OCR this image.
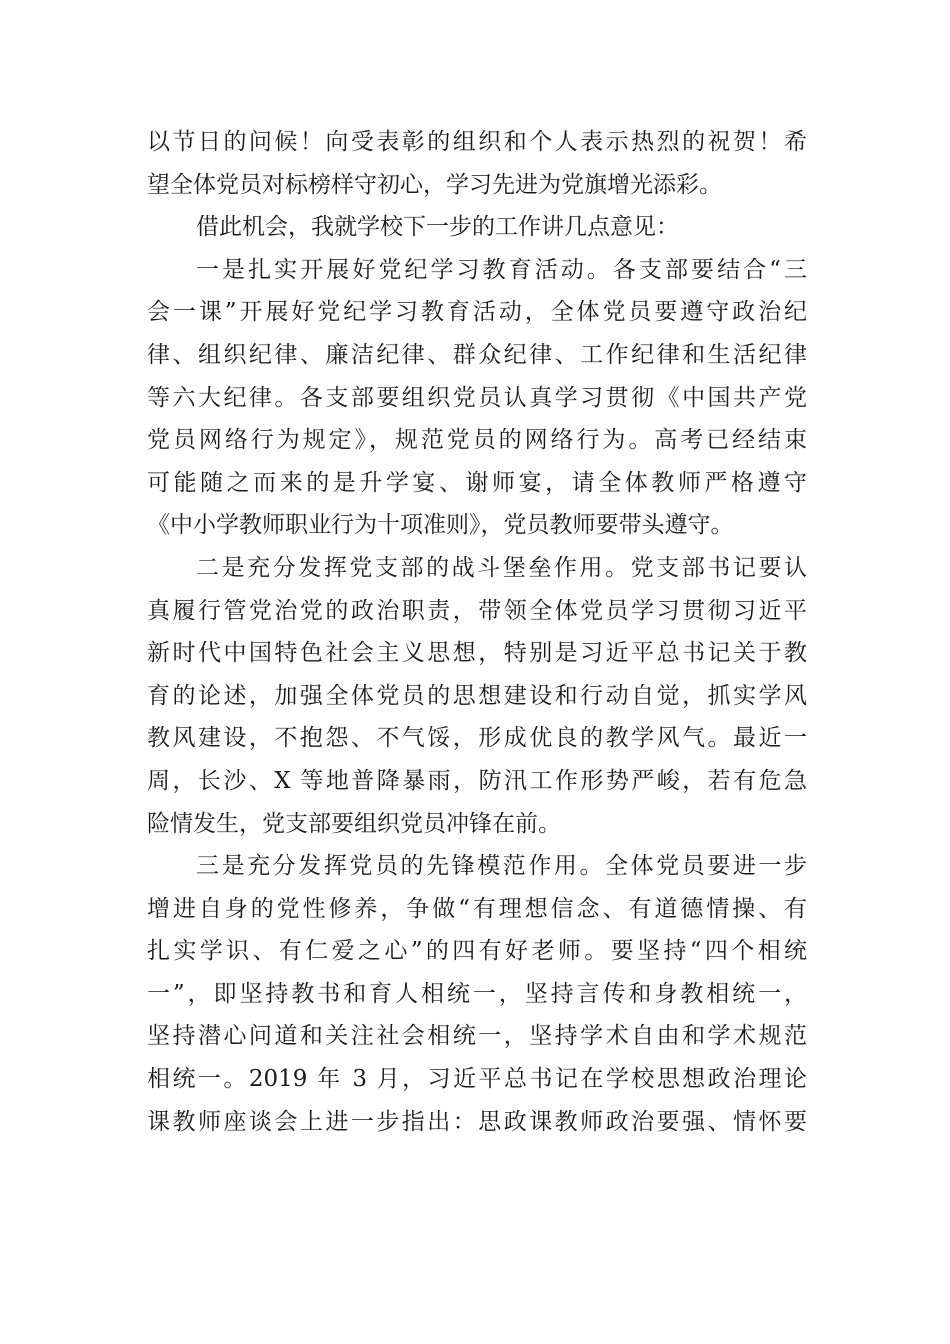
以节日的问候！向受表彰的组织和个人表示热烈的祝贺！希
望全体党员对标榜样守初心，学习先进为党旗增光添彩。
借此机会，我就学校下一步的工作讲几点意见：
一是扎实开展好党纪学习教育活动。各支部要结合“三
会一课”开展好党纪学习教育活动，全体党员要遵守政治纪
律、组织纪律、廉洁纪律、群众纪律、工作纪律和生活纪律
等六大纪律。各支部要组织党员认真学习贯彻《中国共产党
党员网络行为规定》，规范党员的网络行为。高考已经结束
可能随之而来的是升学宴、谢师宴，请全体教师严格遵守
《中小学教师职业行为十项准则》，党员教师要带头遵守。
二是充分发挥党支部的战斗堡垒作用。党支部书记要认
真履行管党治党的政治职责，带领全体党员学习贯彻习近平
新时代中国特色社会主义思想，特别是习近平总书记关于教
育的论述，加强全体党员的思想建设和行动自觉，抓实学风
教风建设，不抱怨、不气馁，形成优良的教学风气。最近一
周，长沙、X 等地普降暴雨，防汛工作形势严峻，若有危急
险情发生，党支部要组织党员冲锋在前。
三是充分发挥党员的先锋模范作用。全体党员要进一步
增进自身的党性修养，争做“有理想信念、有道德情操、有
扎实学识、有仁爱之心”的四有好老师。要坚持“四个相统
一”，即坚持教书和育人相统一，坚持言传和身教相统一，
坚持潜心问道和关注社会相统一，坚持学术自由和学术规范
相统一。2019 年 3 月，习近平总书记在学校思想政治理论
课教师座谈会上进一步指出：思政课教师政治要强、情怀要
